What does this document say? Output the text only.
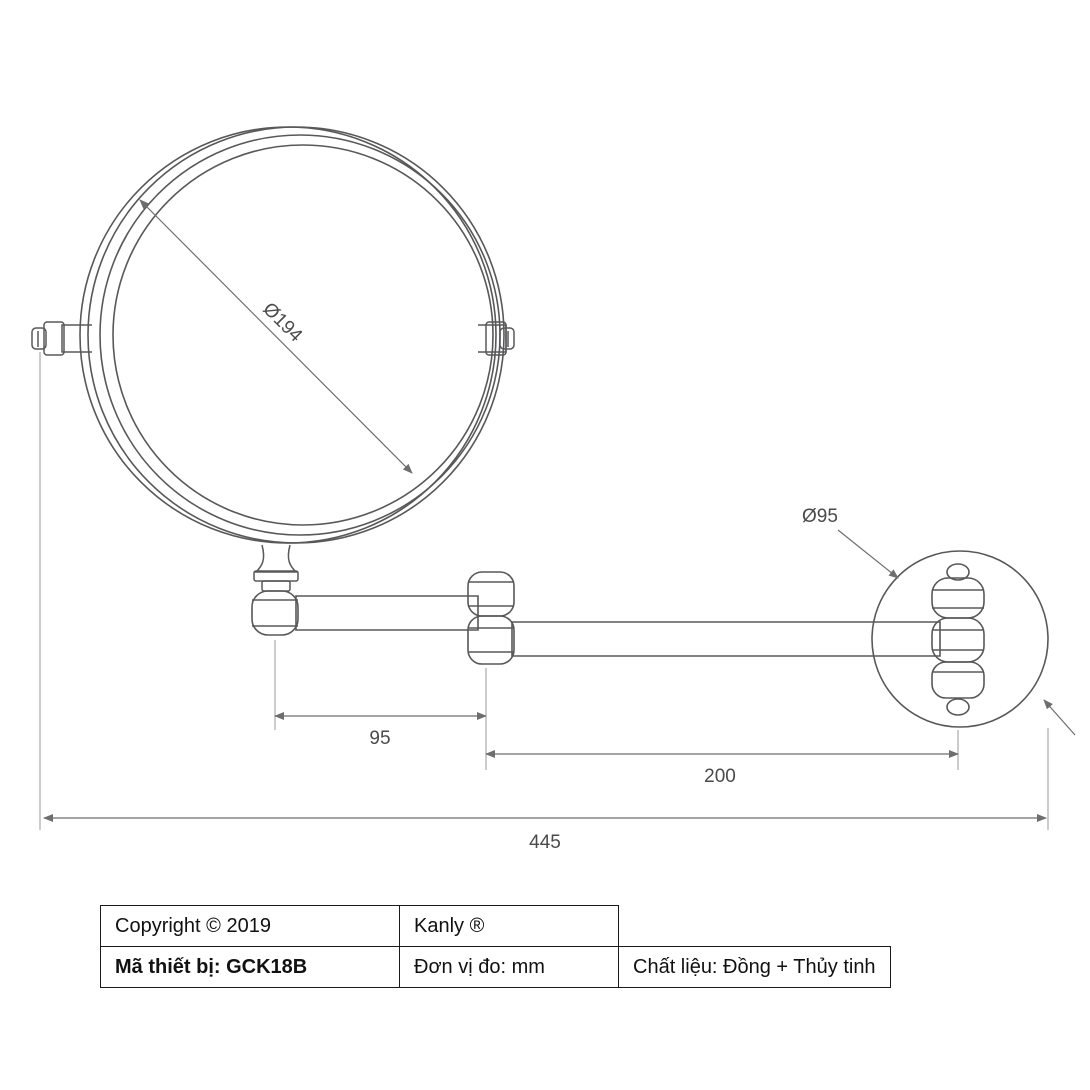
Ø194
Ø95
95
200
445
Copyright © 2019	Kanly ®	
Mã thiết bị: GCK18B	Đơn vị đo: mm	Chất liệu: Đồng + Thủy tinh
